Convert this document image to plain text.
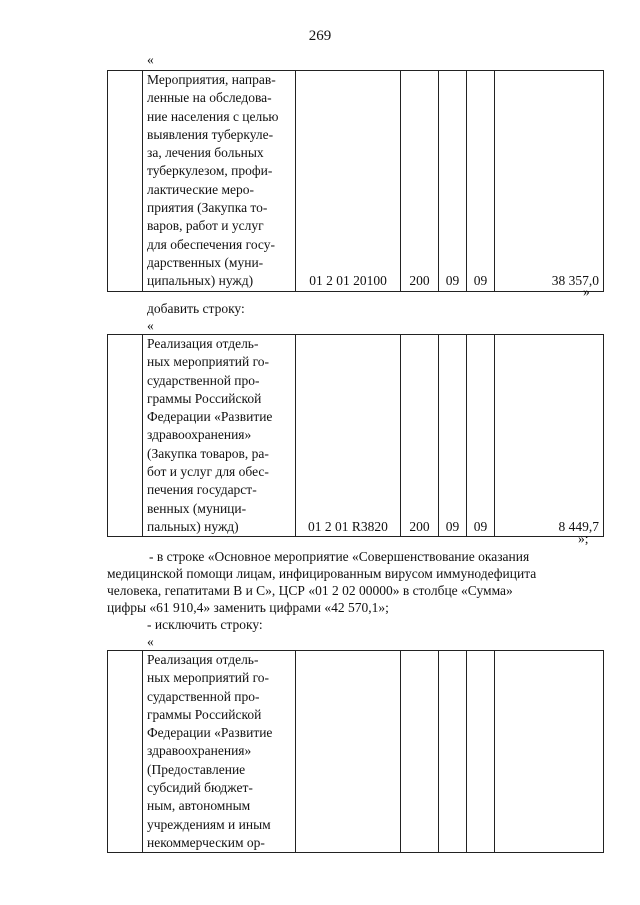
269
«

Мероприятия, направ-
ленные на обследова-
ние населения с целью
выявления туберкуле-
за, лечения больных
туберкулезом, профи-
лактические меро-
приятия (Закупка то-
варов, работ и услуг
для обеспечения госу-
дарственных (муни-
ципальных) нужд)	01 2 01 20100	200	09	09	38 357,0
»
добавить строку:
«

Реализация отдель-
ных мероприятий го-
сударственной про-
граммы Российской
Федерации «Развитие
здравоохранения»
(Закупка товаров, ра-
бот и услуг для обес-
печения государст-
венных (муници-
пальных) нужд)	01 2 01 R3820	200	09	09	8 449,7
»;
- в строке «Основное мероприятие «Совершенствование оказания
медицинской помощи лицам, инфицированным вирусом иммунодефицита
человека, гепатитами В и С», ЦСР «01 2 02 00000» в столбце «Сумма»
цифры «61 910,4» заменить цифрами «42 570,1»;
- исключить строку:
«

Реализация отдель-
ных мероприятий го-
сударственной про-
граммы Российской
Федерации «Развитие
здравоохранения»
(Предоставление
субсидий бюджет-
ным, автономным
учреждениям и иным
некоммерческим ор-
